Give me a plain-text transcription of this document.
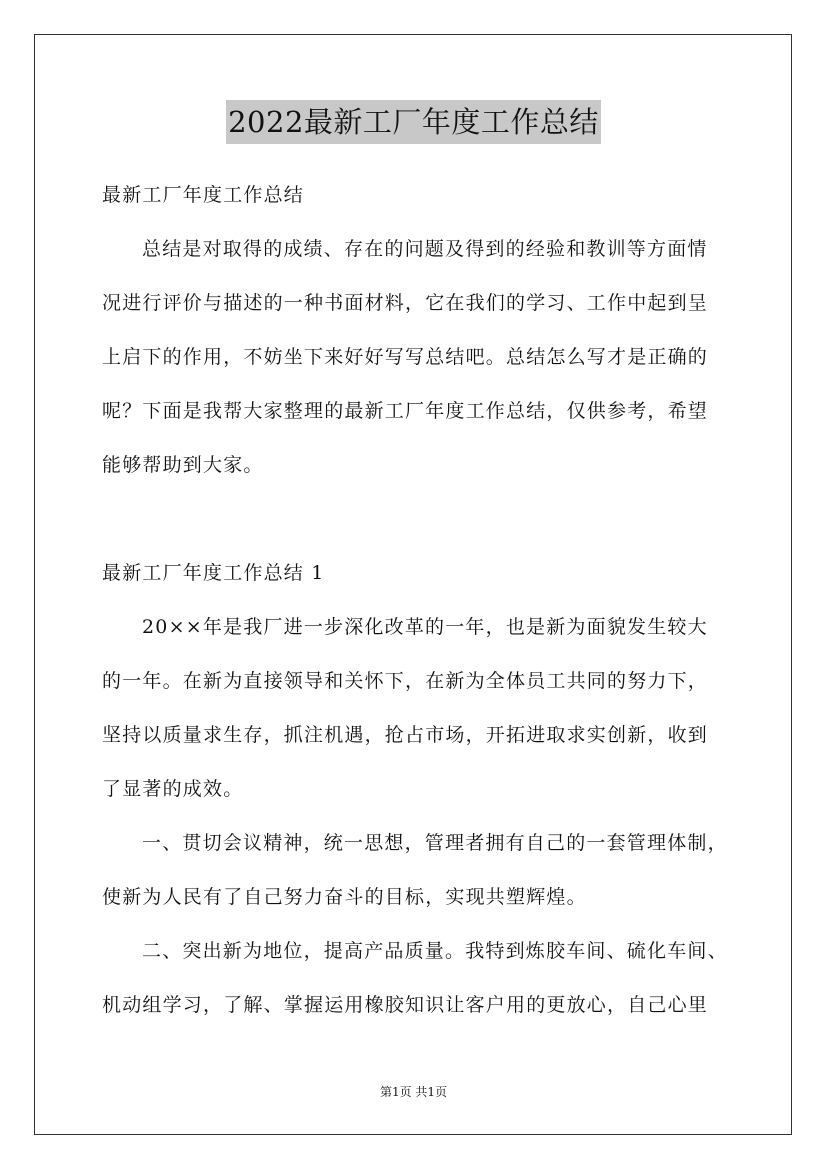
2022最新工厂年度工作总结
最新工厂年度工作总结
总结是对取得的成绩、存在的问题及得到的经验和教训等方面情
况进行评价与描述的一种书面材料，它在我们的学习、工作中起到呈
上启下的作用，不妨坐下来好好写写总结吧。总结怎么写才是正确的
呢？下面是我帮大家整理的最新工厂年度工作总结，仅供参考，希望
能够帮助到大家。
最新工厂年度工作总结 1
20××年是我厂进一步深化改革的一年，也是新为面貌发生较大
的一年。在新为直接领导和关怀下，在新为全体员工共同的努力下，
坚持以质量求生存，抓注机遇，抢占市场，开拓进取求实创新，收到
了显著的成效。
一、贯切会议精神，统一思想，管理者拥有自己的一套管理体制，
使新为人民有了自己努力奋斗的目标，实现共塑辉煌。
二、突出新为地位，提高产品质量。我特到炼胶车间、硫化车间、
机动组学习，了解、掌握运用橡胶知识让客户用的更放心，自己心里
第1页 共1页
